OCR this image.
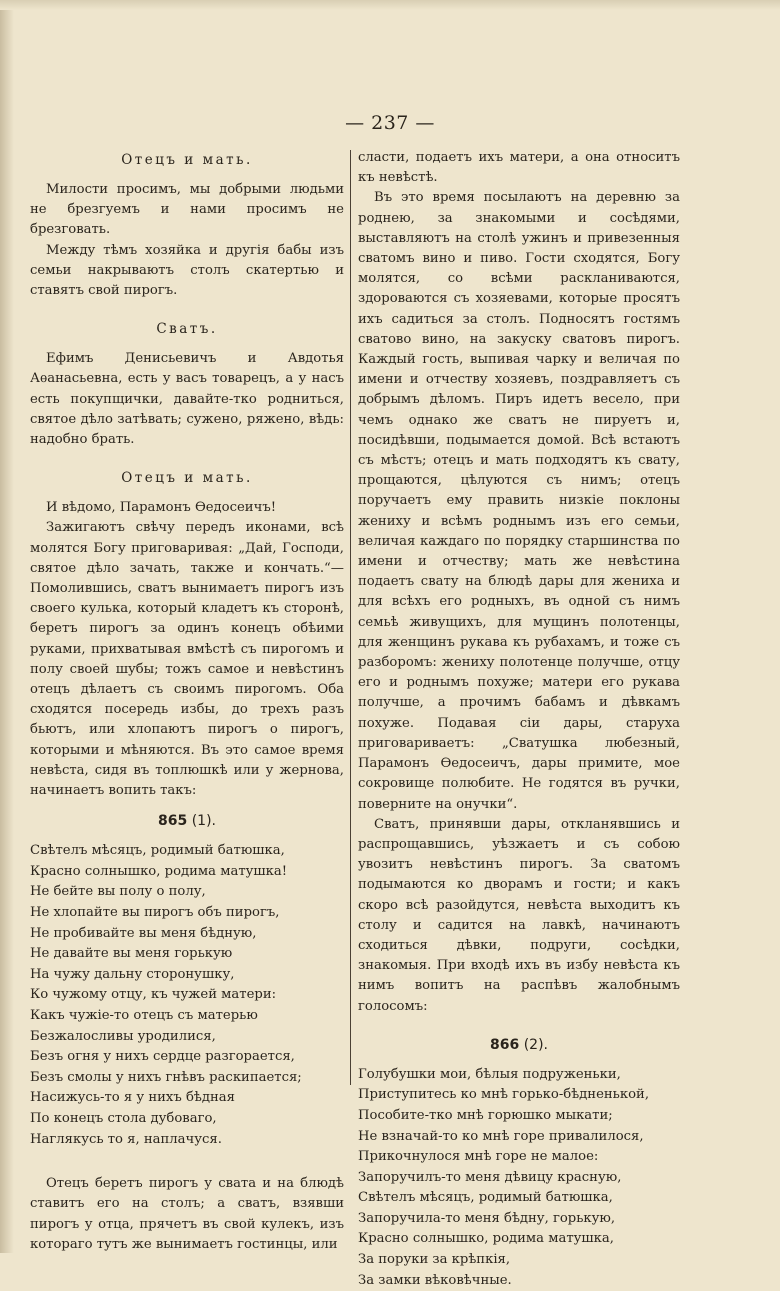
— 237 —

Отецъ и мать.

Милости просимъ, мы добрыми людьми не брезгуемъ и нами просимъ не брезговать.

Между тѣмъ хозяйка и другія бабы изъ семьи накрываютъ столъ скатертью и ставятъ свой пирогъ.

Сватъ.

Ефимъ Денисьевичъ и Авдотья Аѳанасьевна, есть у васъ товарецъ, а у насъ есть покупщички, давайте-тко родниться, святое дѣло затѣвать; сужено, ряжено, вѣдь: надобно брать.

Отецъ и мать.

И вѣдомо, Парамонъ Ѳедосеичъ!

Зажигаютъ свѣчу передъ иконами, всѣ молятся Богу приговаривая: „Дай, Господи, святое дѣло зачать, также и кончать.“—Помолившись, сватъ вынимаетъ пирогъ изъ своего кулька, который кладетъ къ сторонѣ, беретъ пирогъ за одинъ конецъ обѣими руками, прихватывая вмѣстѣ съ пирогомъ и полу своей шубы; тожъ самое и невѣстинъ отецъ дѣлаетъ съ своимъ пирогомъ. Оба сходятся посередь избы, до трехъ разъ бьютъ, или хлопаютъ пирогъ о пирогъ, которыми и мѣняются. Въ это самое время невѣста, сидя въ топлюшкѣ или у жернова, начинаетъ вопить такъ:

865 (1).

Свѣтелъ мѣсяцъ, родимый батюшка,

Красно солнышко, родима матушка!

Не бейте вы полу о полу,

Не хлопайте вы пирогъ объ пирогъ,

Не пробивайте вы меня бѣдную,

Не давайте вы меня горькую

На чужу дальну сторонушку,

Ко чужому отцу, къ чужей матери:

Какъ чужіе-то отецъ съ матерью

Безжалосливы уродилися,

Безъ огня у нихъ сердце разгорается,

Безъ смолы у нихъ гнѣвъ раскипается;

Насижусь-то я у нихъ бѣдная

По конецъ стола дубоваго,

Наглякусь то я, наплачуся.

Отецъ беретъ пирогъ у свата и на блюдѣ ставитъ его на столъ; а сватъ, взявши пирогъ у отца, прячетъ въ свой кулекъ, изъ котораго тутъ же вынимаетъ гостинцы, или

сласти, подаетъ ихъ матери, а она относитъ къ невѣстѣ.

Въ это время посылаютъ на деревню за роднею, за знакомыми и сосѣдями, выставляютъ на столѣ ужинъ и привезенныя сватомъ вино и пиво. Гости сходятся, Богу молятся, со всѣми раскланиваются, здороваются съ хозяевами, которые просятъ ихъ садиться за столъ. Подносятъ гостямъ сватово вино, на закуску сватовъ пирогъ. Каждый гость, выпивая чарку и величая по имени и отчеству хозяевъ, поздравляетъ съ добрымъ дѣломъ. Пиръ идетъ весело, при чемъ однако же сватъ не пируетъ и, посидѣвши, подымается домой. Всѣ встаютъ съ мѣстъ; отецъ и мать подходятъ къ свату, прощаются, цѣлуются съ нимъ; отецъ поручаетъ ему править низкіе поклоны жениху и всѣмъ роднымъ изъ его семьи, величая каждаго по порядку старшинства по имени и отчеству; мать же невѣстина подаетъ свату на блюдѣ дары для жениха и для всѣхъ его родныхъ, въ одной съ нимъ семьѣ живущихъ, для мущинъ полотенцы, для женщинъ рукава къ рубахамъ, и тоже съ разборомъ: жениху полотенце получше, отцу его и роднымъ похуже; матери его рукава получше, а прочимъ бабамъ и дѣвкамъ похуже. Подавая сіи дары, старуха приговариваетъ: „Сватушка любезный, Парамонъ Ѳедосеичъ, дары примите, мое сокровище полюбите. Не годятся въ ручки, поверните на онучки“.

Сватъ, принявши дары, откланявшись и распрощавшись, уѣзжаетъ и съ собою увозитъ невѣстинъ пирогъ. За сватомъ подымаются ко дворамъ и гости; и какъ скоро всѣ разойдутся, невѣста выходитъ къ столу и садится на лавкѣ, начинаютъ сходиться дѣвки, подруги, сосѣдки, знакомыя. При входѣ ихъ въ избу невѣста къ нимъ вопитъ на распѣвъ жалобнымъ голосомъ:

866 (2).

Голубушки мои, бѣлыя подруженьки,

Приступитесь ко мнѣ горько-бѣдненькой,

Пособите-тко мнѣ горюшко мыкати;

Не взначай-то ко мнѣ горе привалилося,

Прикочнулося мнѣ горе не малое:

Запоручилъ-то меня дѣвицу красную,

Свѣтелъ мѣсяцъ, родимый батюшка,

Запоручила-то меня бѣдну, горькую,

Красно солнышко, родима матушка,

За поруки за крѣпкія,

За замки вѣковѣчные.
